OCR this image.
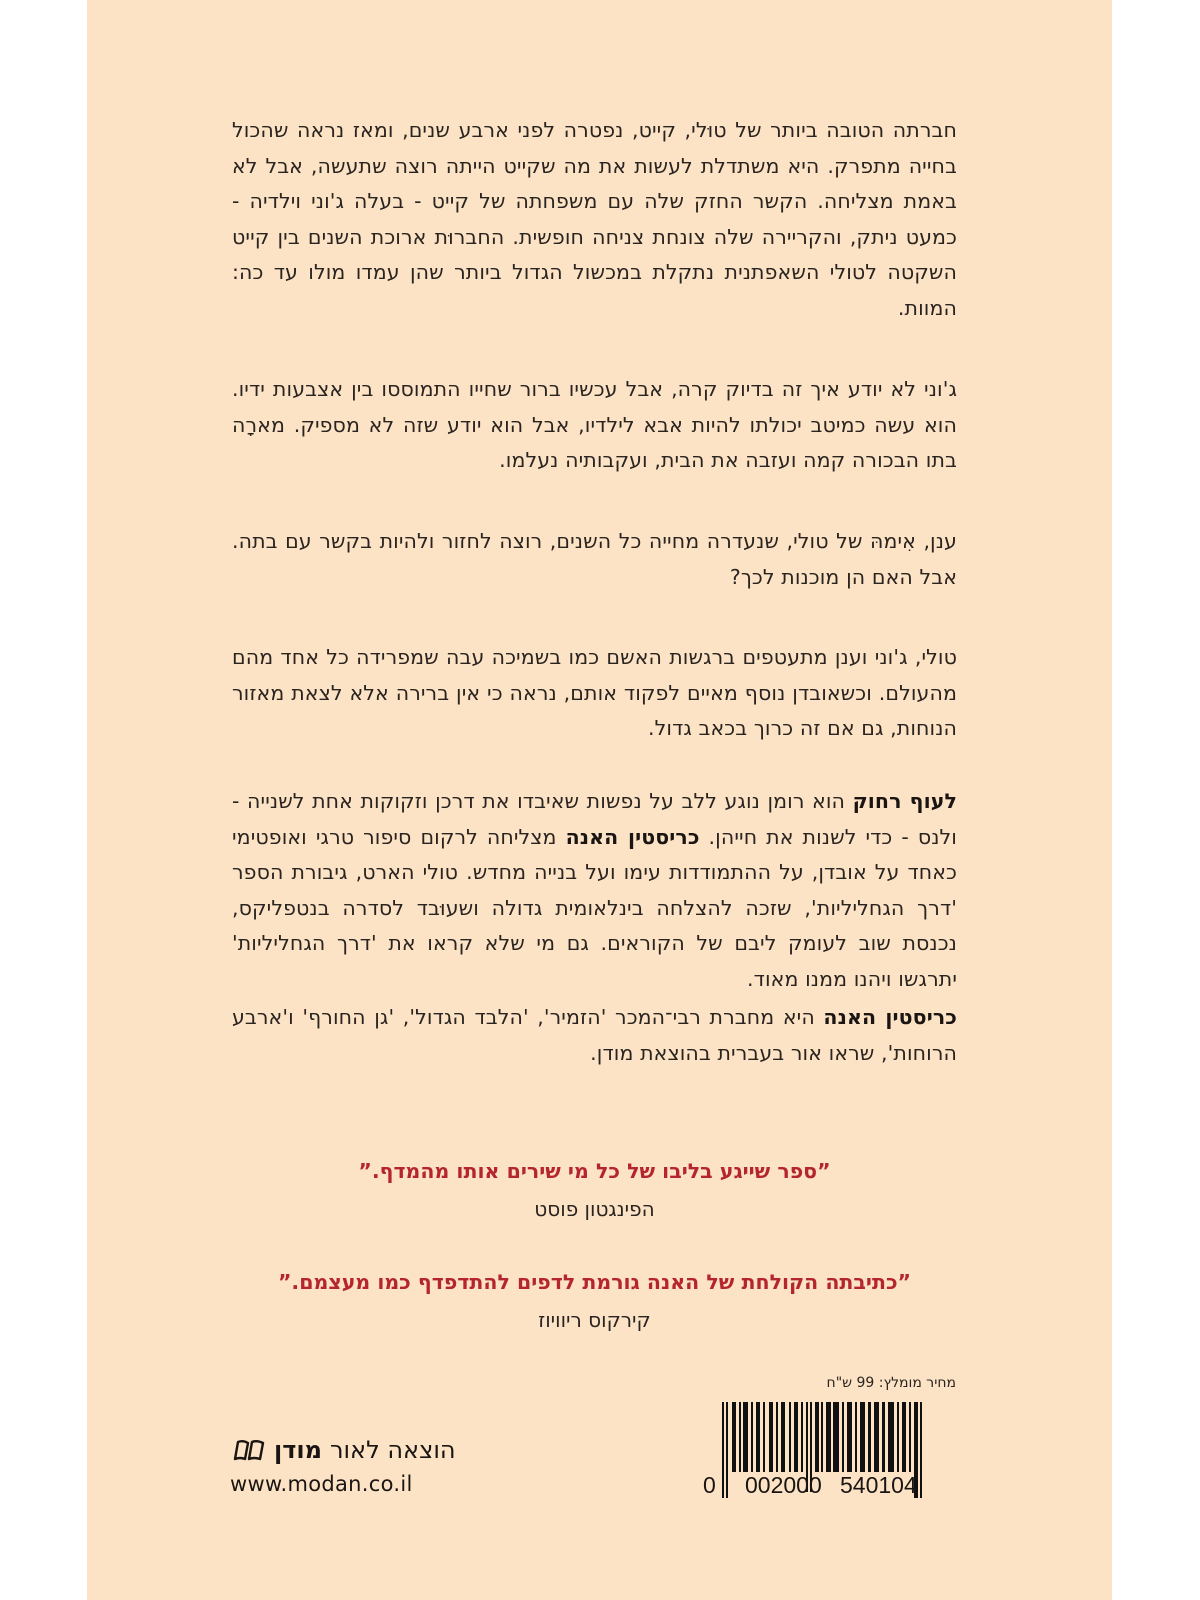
חברתה הטובה ביותר של טוּלי, קייט, נפטרה לפני ארבע שנים, ומאז נראה שהכול בחייה מתפרק. היא משתדלת לעשות את מה שקייט הייתה רוצה שתעשה, אבל לא באמת מצליחה. הקשר החזק שלה עם משפחתה של קייט - בעלה ג'וני וילדיה - כמעט ניתק, והקריירה שלה צונחת צניחה חופשית. החברוּת ארוכת השנים בין קייט השקטה לטולי השאפתנית נתקלת במכשול הגדול ביותר שהן עמדו מולו עד כה: המוות.

ג'וני לא יודע איך זה בדיוק קרה, אבל עכשיו ברור שחייו התמוססו בין אצבעות ידיו. הוא עשה כמיטב יכולתו להיות אבא לילדיו, אבל הוא יודע שזה לא מספיק. מארָה בתו הבכורה קמה ועזבה את הבית, ועקבותיה נעלמו.

ענן, אִימהּ של טולי, שנעדרה מחייה כל השנים, רוצה לחזור ולהיות בקשר עם בתה. אבל האם הן מוכנות לכך?

טולי, ג'וני וענן מתעטפים ברגשות האשם כמו בשמיכה עבה שמפרידה כל אחד מהם מהעולם. וכשאובדן נוסף מאיים לפקוד אותם, נראה כי אין ברירה אלא לצאת מאזור הנוחות, גם אם זה כרוך בכאב גדול.

לעוף רחוק הוא רומן נוגע ללב על נפשות שאיבדו את דרכן וזקוקות אחת לשנייה - ולנס - כדי לשנות את חייהן. כריסטין האנה מצליחה לרקום סיפור טרגי ואופטימי כאחד על אובדן, על ההתמודדות עימו ועל בנייה מחדש. טולי הארט, גיבורת הספר 'דרך הגחליליות', שזכה להצלחה בינלאומית גדולה ושעוּבד לסדרה בנטפליקס, נכנסת שוב לעומק ליבם של הקוראים. גם מי שלא קראו את 'דרך הגחליליות' יתרגשו ויהנו ממנו מאוד.

כריסטין האנה היא מחברת רבי־המכר 'הזמיר', 'הלבד הגדול', 'גן החורף' ו'ארבע הרוחות', שראו אור בעברית בהוצאת מודן.

”ספר שייגע בליבו של כל מי שירים אותו מהמדף.”
הפינגטון פוסט
”כתיבתה הקולחת של האנה גורמת לדפים להתדפדף כמו מעצמם.”
קירקוס ריוויוז
מחיר מומלץ: 99 ש"ח
0 002000 540104
מודן הוצאה לאור
www.modan.co.il
